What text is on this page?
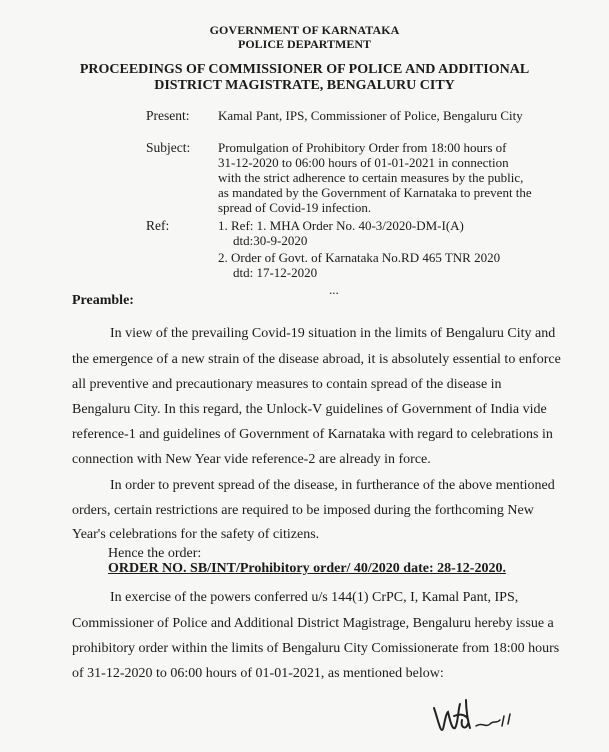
GOVERNMENT OF KARNATAKA
POLICE DEPARTMENT
PROCEEDINGS OF COMMISSIONER OF POLICE AND ADDITIONAL
DISTRICT MAGISTRATE, BENGALURU CITY
Present: Kamal Pant, IPS, Commissioner of Police, Bengaluru City
Subject: Promulgation of Prohibitory Order from 18:00 hours of
31-12-2020 to 06:00 hours of 01-01-2021 in connection
with the strict adherence to certain measures by the public,
as mandated by the Government of Karnataka to prevent the
spread of Covid-19 infection.
Ref:	1. Ref: 1. MHA Order No. 40-3/2020-DM-I(A)
dtd:30-9-2020
2. Order of Govt. of Karnataka No.RD 465 TNR 2020
dtd: 17-12-2020
...
Preamble:
In view of the prevailing Covid-19 situation in the limits of Bengaluru City and
the emergence of a new strain of the disease abroad, it is absolutely essential to enforce
all preventive and precautionary measures to contain spread of the disease in
Bengaluru City. In this regard, the Unlock-V guidelines of Government of India vide
reference-1 and guidelines of Government of Karnataka with regard to celebrations in
connection with New Year vide reference-2 are already in force.
In order to prevent spread of the disease, in furtherance of the above mentioned
orders, certain restrictions are required to be imposed during the forthcoming New
Year's celebrations for the safety of citizens.
Hence the order:
ORDER NO. SB/INT/Prohibitory order/ 40/2020 date: 28-12-2020.
In exercise of the powers conferred u/s 144(1) CrPC, I, Kamal Pant, IPS,
Commissioner of Police and Additional District Magistrage, Bengaluru hereby issue a
prohibitory order within the limits of Bengaluru City Comissionerate from 18:00 hours
of 31-12-2020 to 06:00 hours of 01-01-2021, as mentioned below:
